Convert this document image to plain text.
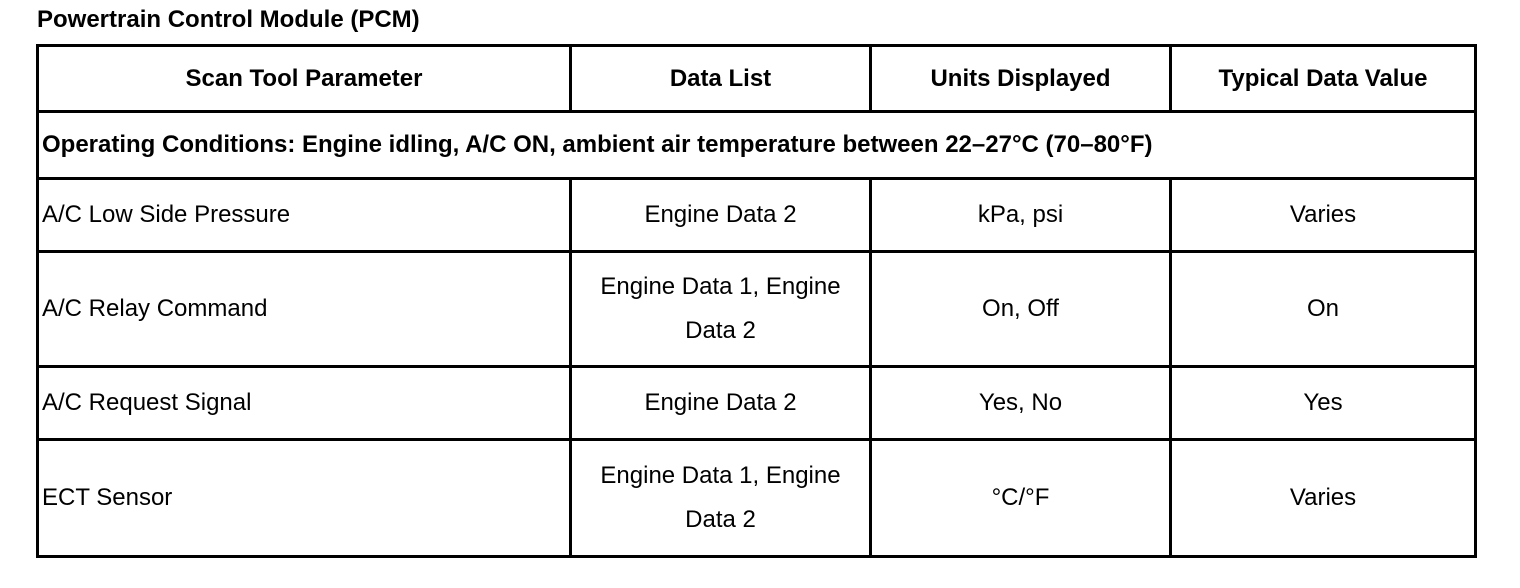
Powertrain Control Module (PCM)
Scan Tool Parameter	Data List	Units Displayed	Typical Data Value
Operating Conditions: Engine idling, A/C ON, ambient air temperature between 22–27°C (70–80°F)			
A/C Low Side Pressure	Engine Data 2	kPa, psi	Varies
A/C Relay Command	Engine Data 1, Engine Data 2	On, Off	On
A/C Request Signal	Engine Data 2	Yes, No	Yes
ECT Sensor	Engine Data 1, Engine Data 2	°C/°F	Varies
